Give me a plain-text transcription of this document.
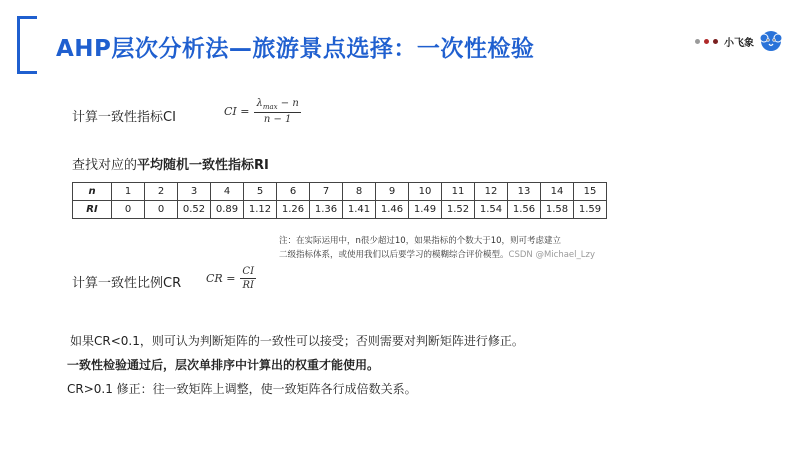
AHP层次分析法—旅游景点选择：一次性检验	小飞象
计算一致性指标CI	CI = $\frac{\lambda_{max} - n}{n - 1}$
查找对应的平均随机一致性指标RI
n	1	2	3	4	5	6	7	8	9	10	11	12	13	14	15
RI	0	0	0.52	0.89	1.12	1.26	1.36	1.41	1.46	1.49	1.52	1.54	1.56	1.58	1.59
注：在实际运用中，n很少超过10，如果指标的个数大于10，则可考虑建立
二级指标体系，或使用我们以后要学习的模糊综合评价模型。CSDN @Michael_Lzy
计算一致性比例CR CR = $\frac{CI}{RI}$
如果CR<0.1，则可认为判断矩阵的一致性可以接受；否则需要对判断矩阵进行修正。
一致性检验通过后，层次单排序中计算出的权重才能使用。
CR>0.1 修正：往一致矩阵上调整，使一致矩阵各行成倍数关系。
